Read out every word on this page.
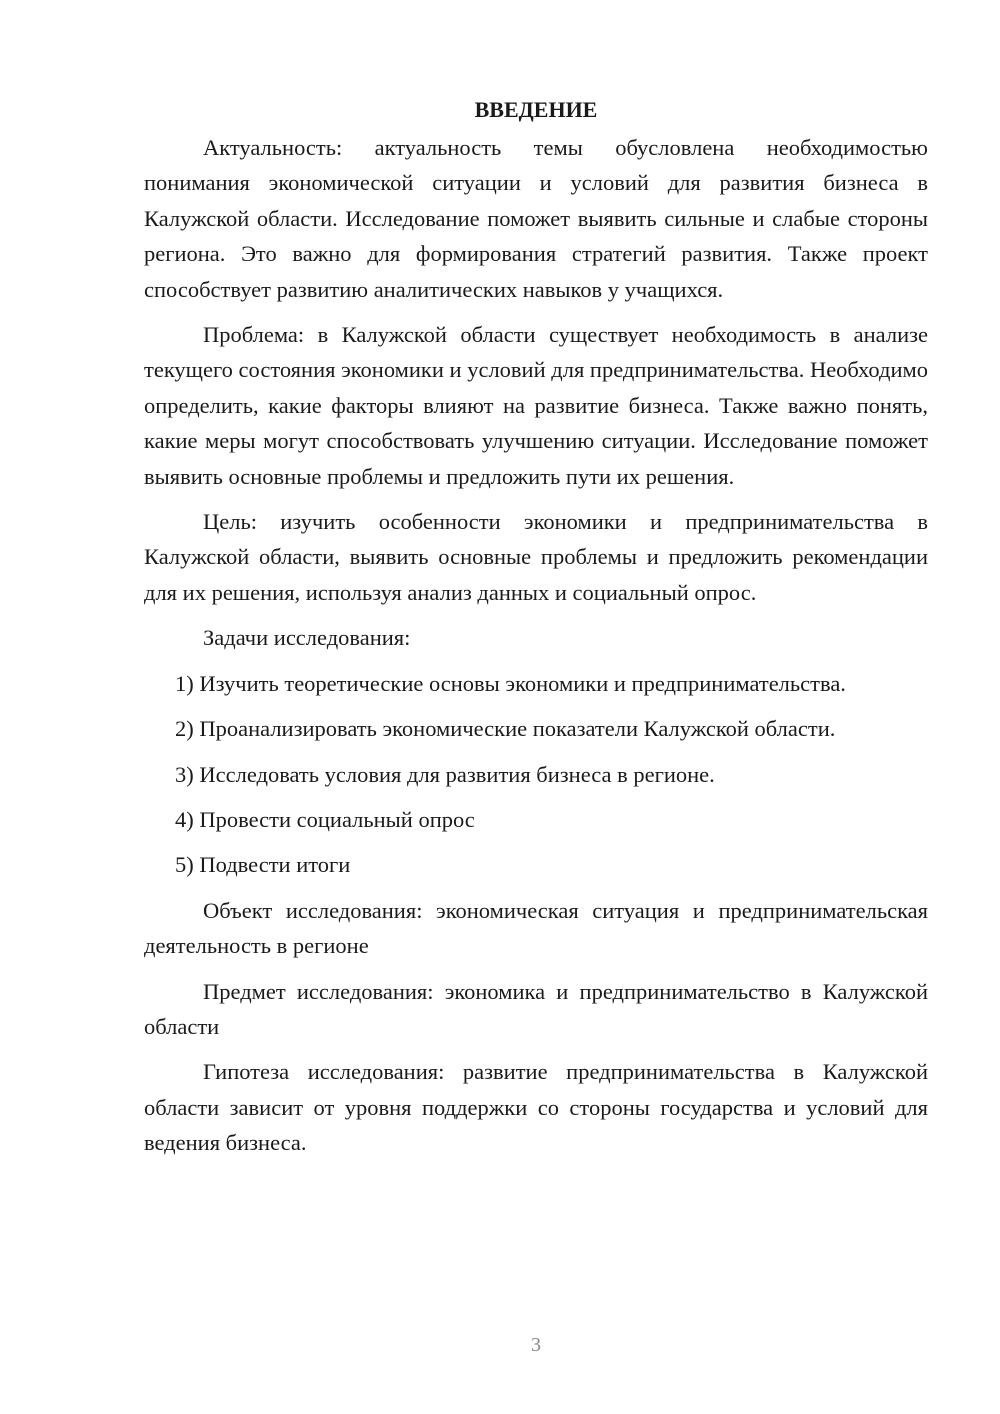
ВВЕДЕНИЕ

Актуальность: актуальность темы обусловлена необходимостью понимания экономической ситуации и условий для развития бизнеса в Калужской области. Исследование поможет выявить сильные и слабые стороны региона. Это важно для формирования стратегий развития. Также проект способствует развитию аналитических навыков у учащихся.

Проблема: в Калужской области существует необходимость в анализе текущего состояния экономики и условий для предпринимательства. Необходимо определить, какие факторы влияют на развитие бизнеса. Также важно понять, какие меры могут способствовать улучшению ситуации. Исследование поможет выявить основные проблемы и предложить пути их решения.

Цель: изучить особенности экономики и предпринимательства в Калужской области, выявить основные проблемы и предложить рекомендации для их решения, используя анализ данных и социальный опрос.

Задачи исследования:

1) Изучить теоретические основы экономики и предпринимательства.
2) Проанализировать экономические показатели Калужской области.
3) Исследовать условия для развития бизнеса в регионе.
4) Провести социальный опрос
5) Подвести итоги

Объект исследования: экономическая ситуация и предпринимательская деятельность в регионе

Предмет исследования: экономика и предпринимательство в Калужской области

Гипотеза исследования: развитие предпринимательства в Калужской области зависит от уровня поддержки со стороны государства и условий для ведения бизнеса.

3
